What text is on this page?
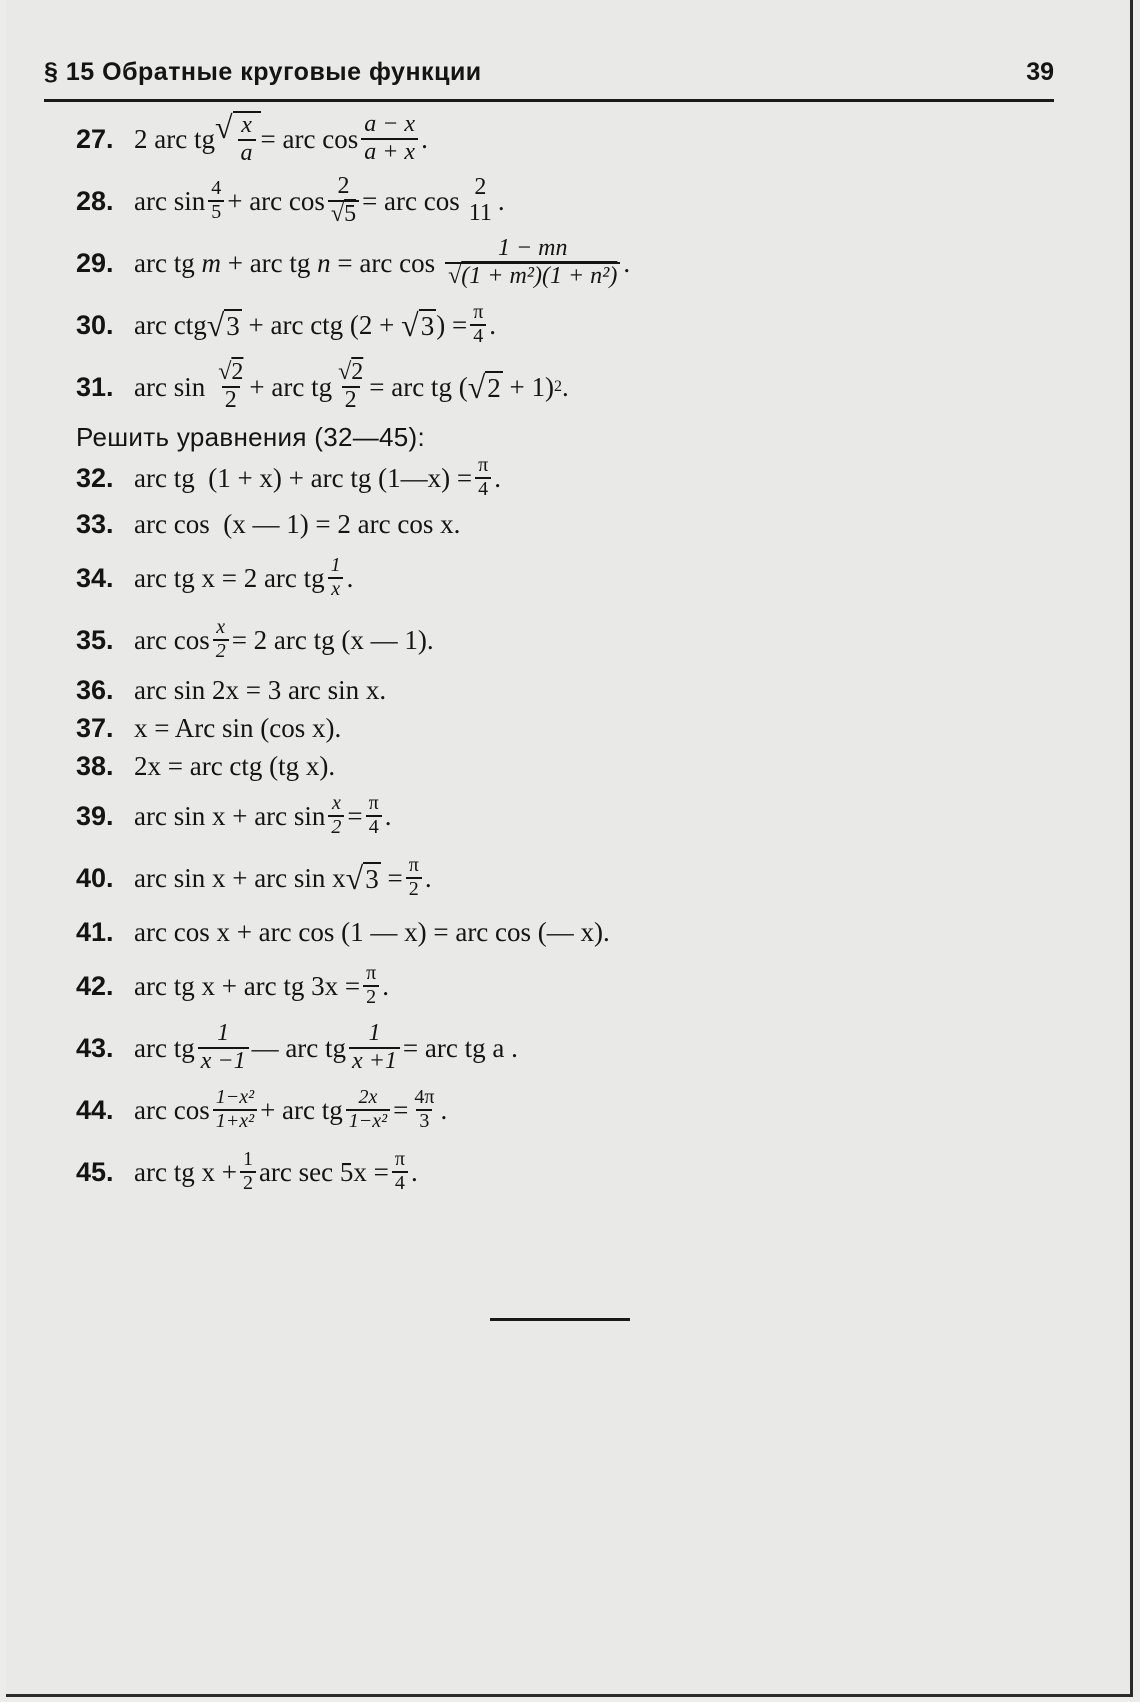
§ 15 Обратные круговые функции	39
27. 2 arc tg √ $\frac{x}{a}$ = arc $\cos \frac{a - x}{a + x}$ .
28. arc $\sin \frac{4}{5}$ + arc $\cos \frac{2}{√5}$ = arc cos 2
11 .
29. arc tg m + arc tg n = arc $\cos \frac{1 - mn}{\text{√(1 + m²)(1 + n²)}}$ .
30. arc ctg √ 3 + arc ctg (2 + √ 3 ) = $\frac{\pi}{4}$ .
31. arc $\sin \frac{√2}{2}$ + arc tg $\frac{√2}{2}$ = arc tg ( √ 2 + 1) 2 .
Решить уравнения (32—45):
32. arc tg  (1 + x) + arc tg (1—x) = $\frac{\pi}{4}$ .
33. arc cos  (x — 1) = 2 arc cos x.
34. arc tg x = 2 arc tg $\frac{1}{x}$ .
35. arc $\cos \frac{x}{2} = 2$ arc tg (x — 1).
36. arc sin 2x = 3 arc sin x.
37. x = Arc sin (cos x).
38. 2x = arc ctg (tg x).
39. arc sin x + arc $\sin \frac{x}{2} = \frac{\pi}{4}$ .
40. arc sin x + arc sin x √ $3 = \frac{\pi}{2}$ .
41. arc cos x + arc cos (1 — x) = arc cos (— x).
42. arc tg x + arc tg $3x = \frac{\pi}{2}$ .
43. arc tg $\frac{1}{x -1}$ — arc tg $\frac{1}{x +1}$ = arc tg a .
44. arc $\cos \frac{\text{1−x²}}{\text{1+x²}}$ + arc tg $\frac{2x}{\text{1−x²}} = \frac{4\pi}{3}$ .
45. arc tg $x + \frac{1}{2}$ arc $\sec 5x = \frac{\pi}{4}$ .
